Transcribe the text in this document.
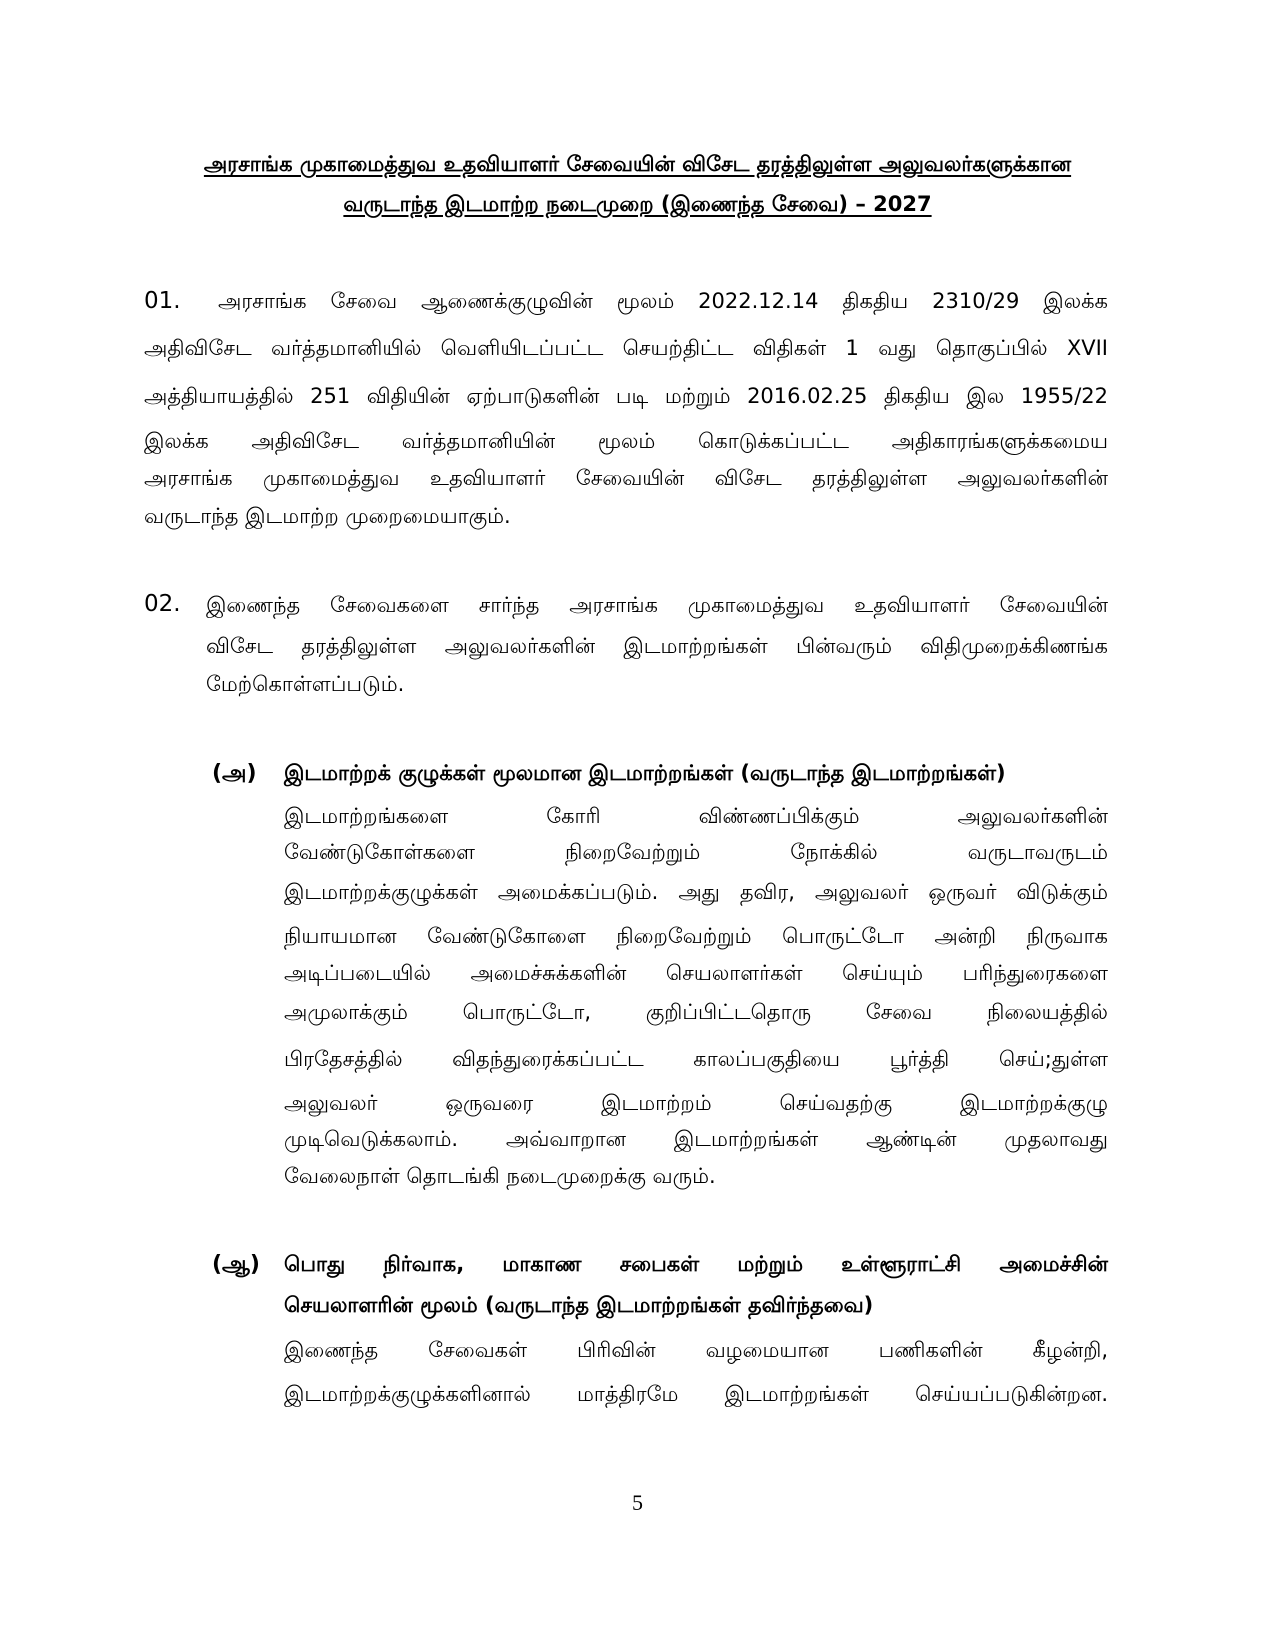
அரசாங்க முகாமைத்துவ உதவியாளர் சேவையின் விசேட தரத்திலுள்ள அலுவலர்களுக்கான
வருடாந்த இடமாற்ற நடைமுறை (இணைந்த சேவை) – 2027
01. அரசாங்க சேவை ஆணைக்குழுவின் மூலம் 2022.12.14 திகதிய 2310/29 இலக்க
அதிவிசேட வர்த்தமானியில் வெளியிடப்பட்ட செயற்திட்ட விதிகள் 1 வது தொகுப்பில் XVII
அத்தியாயத்தில் 251 விதியின் ஏற்பாடுகளின் படி மற்றும் 2016.02.25 திகதிய இல 1955/22
இலக்க அதிவிசேட வர்த்தமானியின் மூலம் கொடுக்கப்பட்ட அதிகாரங்களுக்கமைய
அரசாங்க முகாமைத்துவ உதவியாளர் சேவையின் விசேட தரத்திலுள்ள அலுவலர்களின்
வருடாந்த இடமாற்ற முறைமையாகும்.
02. இணைந்த சேவைகளை சார்ந்த அரசாங்க முகாமைத்துவ உதவியாளர் சேவையின்
விசேட தரத்திலுள்ள அலுவலர்களின் இடமாற்றங்கள் பின்வரும் விதிமுறைக்கிணங்க
மேற்கொள்ளப்படும்.
(அ) இடமாற்றக் குழுக்கள் மூலமான இடமாற்றங்கள் (வருடாந்த இடமாற்றங்கள்)
இடமாற்றங்களை கோரி விண்ணப்பிக்கும் அலுவலர்களின்
வேண்டுகோள்களை நிறைவேற்றும் நோக்கில் வருடாவருடம்
இடமாற்றக்குழுக்கள் அமைக்கப்படும். அது தவிர, அலுவலர் ஒருவர் விடுக்கும்
நியாயமான வேண்டுகோளை நிறைவேற்றும் பொருட்டோ அன்றி நிருவாக
அடிப்படையில் அமைச்சுக்களின் செயலாளர்கள் செய்யும் பரிந்துரைகளை
அமுலாக்கும் பொருட்டோ, குறிப்பிட்டதொரு சேவை நிலையத்தில்
பிரதேசத்தில் விதந்துரைக்கப்பட்ட காலப்பகுதியை பூர்த்தி செய்;துள்ள
அலுவலர் ஒருவரை இடமாற்றம் செய்வதற்கு இடமாற்றக்குழு
முடிவெடுக்கலாம். அவ்வாறான இடமாற்றங்கள் ஆண்டின் முதலாவது
வேலைநாள் தொடங்கி நடைமுறைக்கு வரும்.
(ஆ) பொது நிர்வாக, மாகாண சபைகள் மற்றும் உள்ளூராட்சி அமைச்சின்
செயலாளரின் மூலம் (வருடாந்த இடமாற்றங்கள் தவிர்ந்தவை)
இணைந்த சேவைகள் பிரிவின் வழமையான பணிகளின் கீழன்றி,
இடமாற்றக்குழுக்களினால் மாத்திரமே இடமாற்றங்கள் செய்யப்படுகின்றன.
5
